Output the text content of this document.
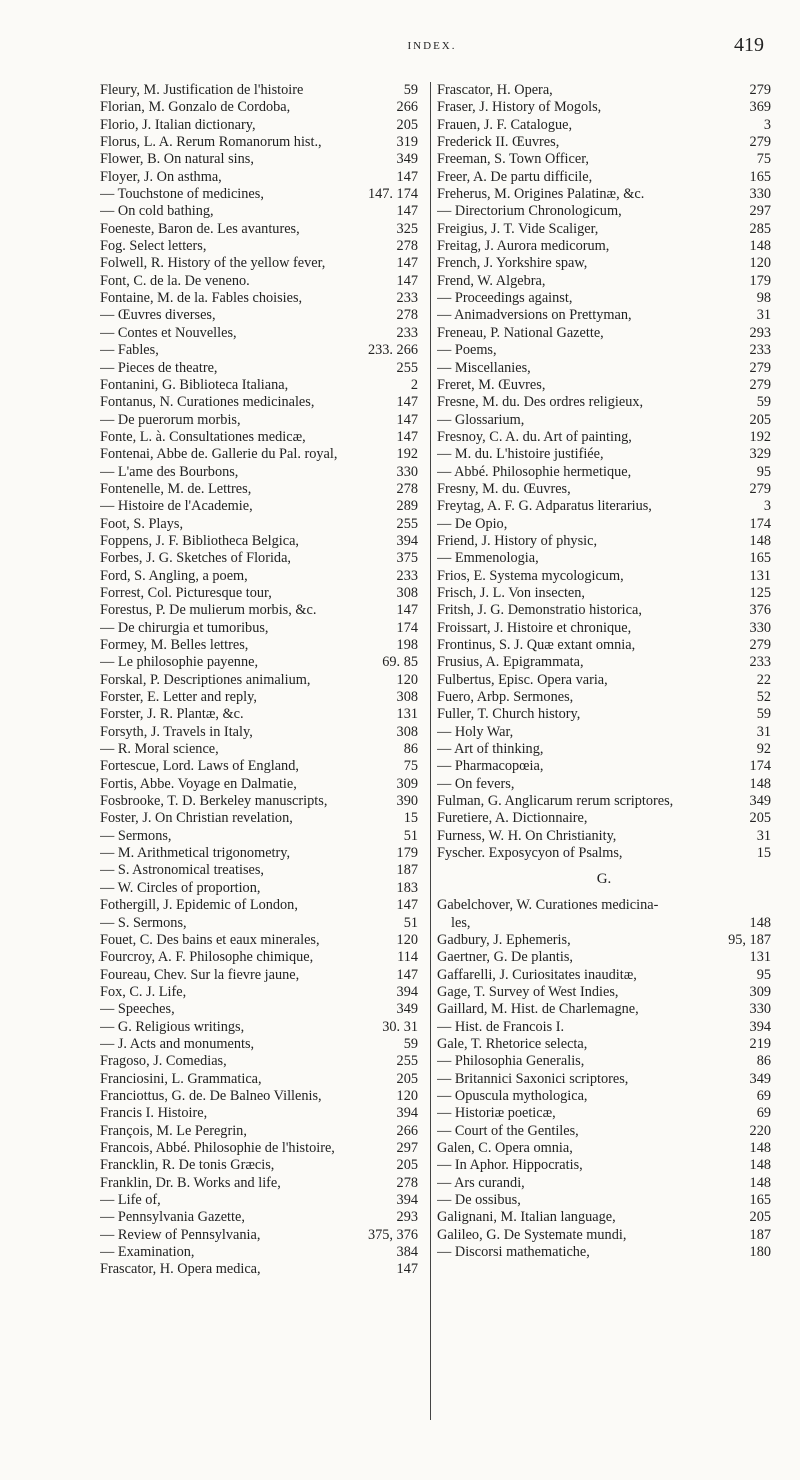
INDEX.	419
Fleury, M. Justification de l'histoire	59
Florian, M. Gonzalo de Cordoba,	266
Florio, J. Italian dictionary,	205
Florus, L. A. Rerum Romanorum hist.,	319
Flower, B. On natural sins,	349
Floyer, J. On asthma,	147
— Touchstone of medicines,	147. 174
— On cold bathing,	147
Foeneste, Baron de. Les avantures,	325
Fog. Select letters,	278
Folwell, R. History of the yellow fever,	147
Font, C. de la. De veneno.	147
Fontaine, M. de la. Fables choisies,	233
— Œuvres diverses,	278
— Contes et Nouvelles,	233
— Fables,	233. 266
— Pieces de theatre,	255
Fontanini, G. Biblioteca Italiana,	2
Fontanus, N. Curationes medicinales,	147
— De puerorum morbis,	147
Fonte, L. à. Consultationes medicæ,	147
Fontenai, Abbe de. Gallerie du Pal. royal,	192
— L'ame des Bourbons,	330
Fontenelle, M. de. Lettres,	278
— Histoire de l'Academie,	289
Foot, S. Plays,	255
Foppens, J. F. Bibliotheca Belgica,	394
Forbes, J. G. Sketches of Florida,	375
Ford, S. Angling, a poem,	233
Forrest, Col. Picturesque tour,	308
Forestus, P. De mulierum morbis, &c.	147
— De chirurgia et tumoribus,	174
Formey, M. Belles lettres,	198
— Le philosophie payenne,	69. 85
Forskal, P. Descriptiones animalium,	120
Forster, E. Letter and reply,	308
Forster, J. R. Plantæ, &c.	131
Forsyth, J. Travels in Italy,	308
— R. Moral science,	86
Fortescue, Lord. Laws of England,	75
Fortis, Abbe. Voyage en Dalmatie,	309
Fosbrooke, T. D. Berkeley manuscripts,	390
Foster, J. On Christian revelation,	15
— Sermons,	51
— M. Arithmetical trigonometry,	179
— S. Astronomical treatises,	187
— W. Circles of proportion,	183
Fothergill, J. Epidemic of London,	147
— S. Sermons,	51
Fouet, C. Des bains et eaux minerales,	120
Fourcroy, A. F. Philosophe chimique,	114
Foureau, Chev. Sur la fievre jaune,	147
Fox, C. J. Life,	394
— Speeches,	349
— G. Religious writings,	30. 31
— J. Acts and monuments,	59
Fragoso, J. Comedias,	255
Franciosini, L. Grammatica,	205
Franciottus, G. de. De Balneo Villenis,	120
Francis I. Histoire,	394
François, M. Le Peregrin,	266
Francois, Abbé. Philosophie de l'histoire,	297
Francklin, R. De tonis Græcis,	205
Franklin, Dr. B. Works and life,	278
— Life of,	394
— Pennsylvania Gazette,	293
— Review of Pennsylvania,	375, 376
— Examination,	384
Frascator, H. Opera medica,	147
Frascator, H. Opera,	279
Fraser, J. History of Mogols,	369
Frauen, J. F. Catalogue,	3
Frederick II. Œuvres,	279
Freeman, S. Town Officer,	75
Freer, A. De partu difficile,	165
Freherus, M. Origines Palatinæ, &c.	330
— Directorium Chronologicum,	297
Freigius, J. T. Vide Scaliger,	285
Freitag, J. Aurora medicorum,	148
French, J. Yorkshire spaw,	120
Frend, W. Algebra,	179
— Proceedings against,	98
— Animadversions on Prettyman,	31
Freneau, P. National Gazette,	293
— Poems,	233
— Miscellanies,	279
Freret, M. Œuvres,	279
Fresne, M. du. Des ordres religieux,	59
— Glossarium,	205
Fresnoy, C. A. du. Art of painting,	192
— M. du. L'histoire justifiée,	329
— Abbé. Philosophie hermetique,	95
Fresny, M. du. Œuvres,	279
Freytag, A. F. G. Adparatus literarius,	3
— De Opio,	174
Friend, J. History of physic,	148
— Emmenologia,	165
Frios, E. Systema mycologicum,	131
Frisch, J. L. Von insecten,	125
Fritsh, J. G. Demonstratio historica,	376
Froissart, J. Histoire et chronique,	330
Frontinus, S. J. Quæ extant omnia,	279
Frusius, A. Epigrammata,	233
Fulbertus, Episc. Opera varia,	22
Fuero, Arbp. Sermones,	52
Fuller, T. Church history,	59
— Holy War,	31
— Art of thinking,	92
— Pharmacopœia,	174
— On fevers,	148
Fulman, G. Anglicarum rerum scriptores,	349
Furetiere, A. Dictionnaire,	205
Furness, W. H. On Christianity,	31
Fyscher. Exposycyon of Psalms,	15
G.
Gabelchover, W. Curationes medicina-
les,	148
Gadbury, J. Ephemeris,	95, 187
Gaertner, G. De plantis,	131
Gaffarelli, J. Curiositates inauditæ,	95
Gage, T. Survey of West Indies,	309
Gaillard, M. Hist. de Charlemagne,	330
— Hist. de Francois I.	394
Gale, T. Rhetorice selecta,	219
— Philosophia Generalis,	86
— Britannici Saxonici scriptores,	349
— Opuscula mythologica,	69
— Historiæ poeticæ,	69
— Court of the Gentiles,	220
Galen, C. Opera omnia,	148
— In Aphor. Hippocratis,	148
— Ars curandi,	148
— De ossibus,	165
Galignani, M. Italian language,	205
Galileo, G. De Systemate mundi,	187
— Discorsi mathematiche,	180
